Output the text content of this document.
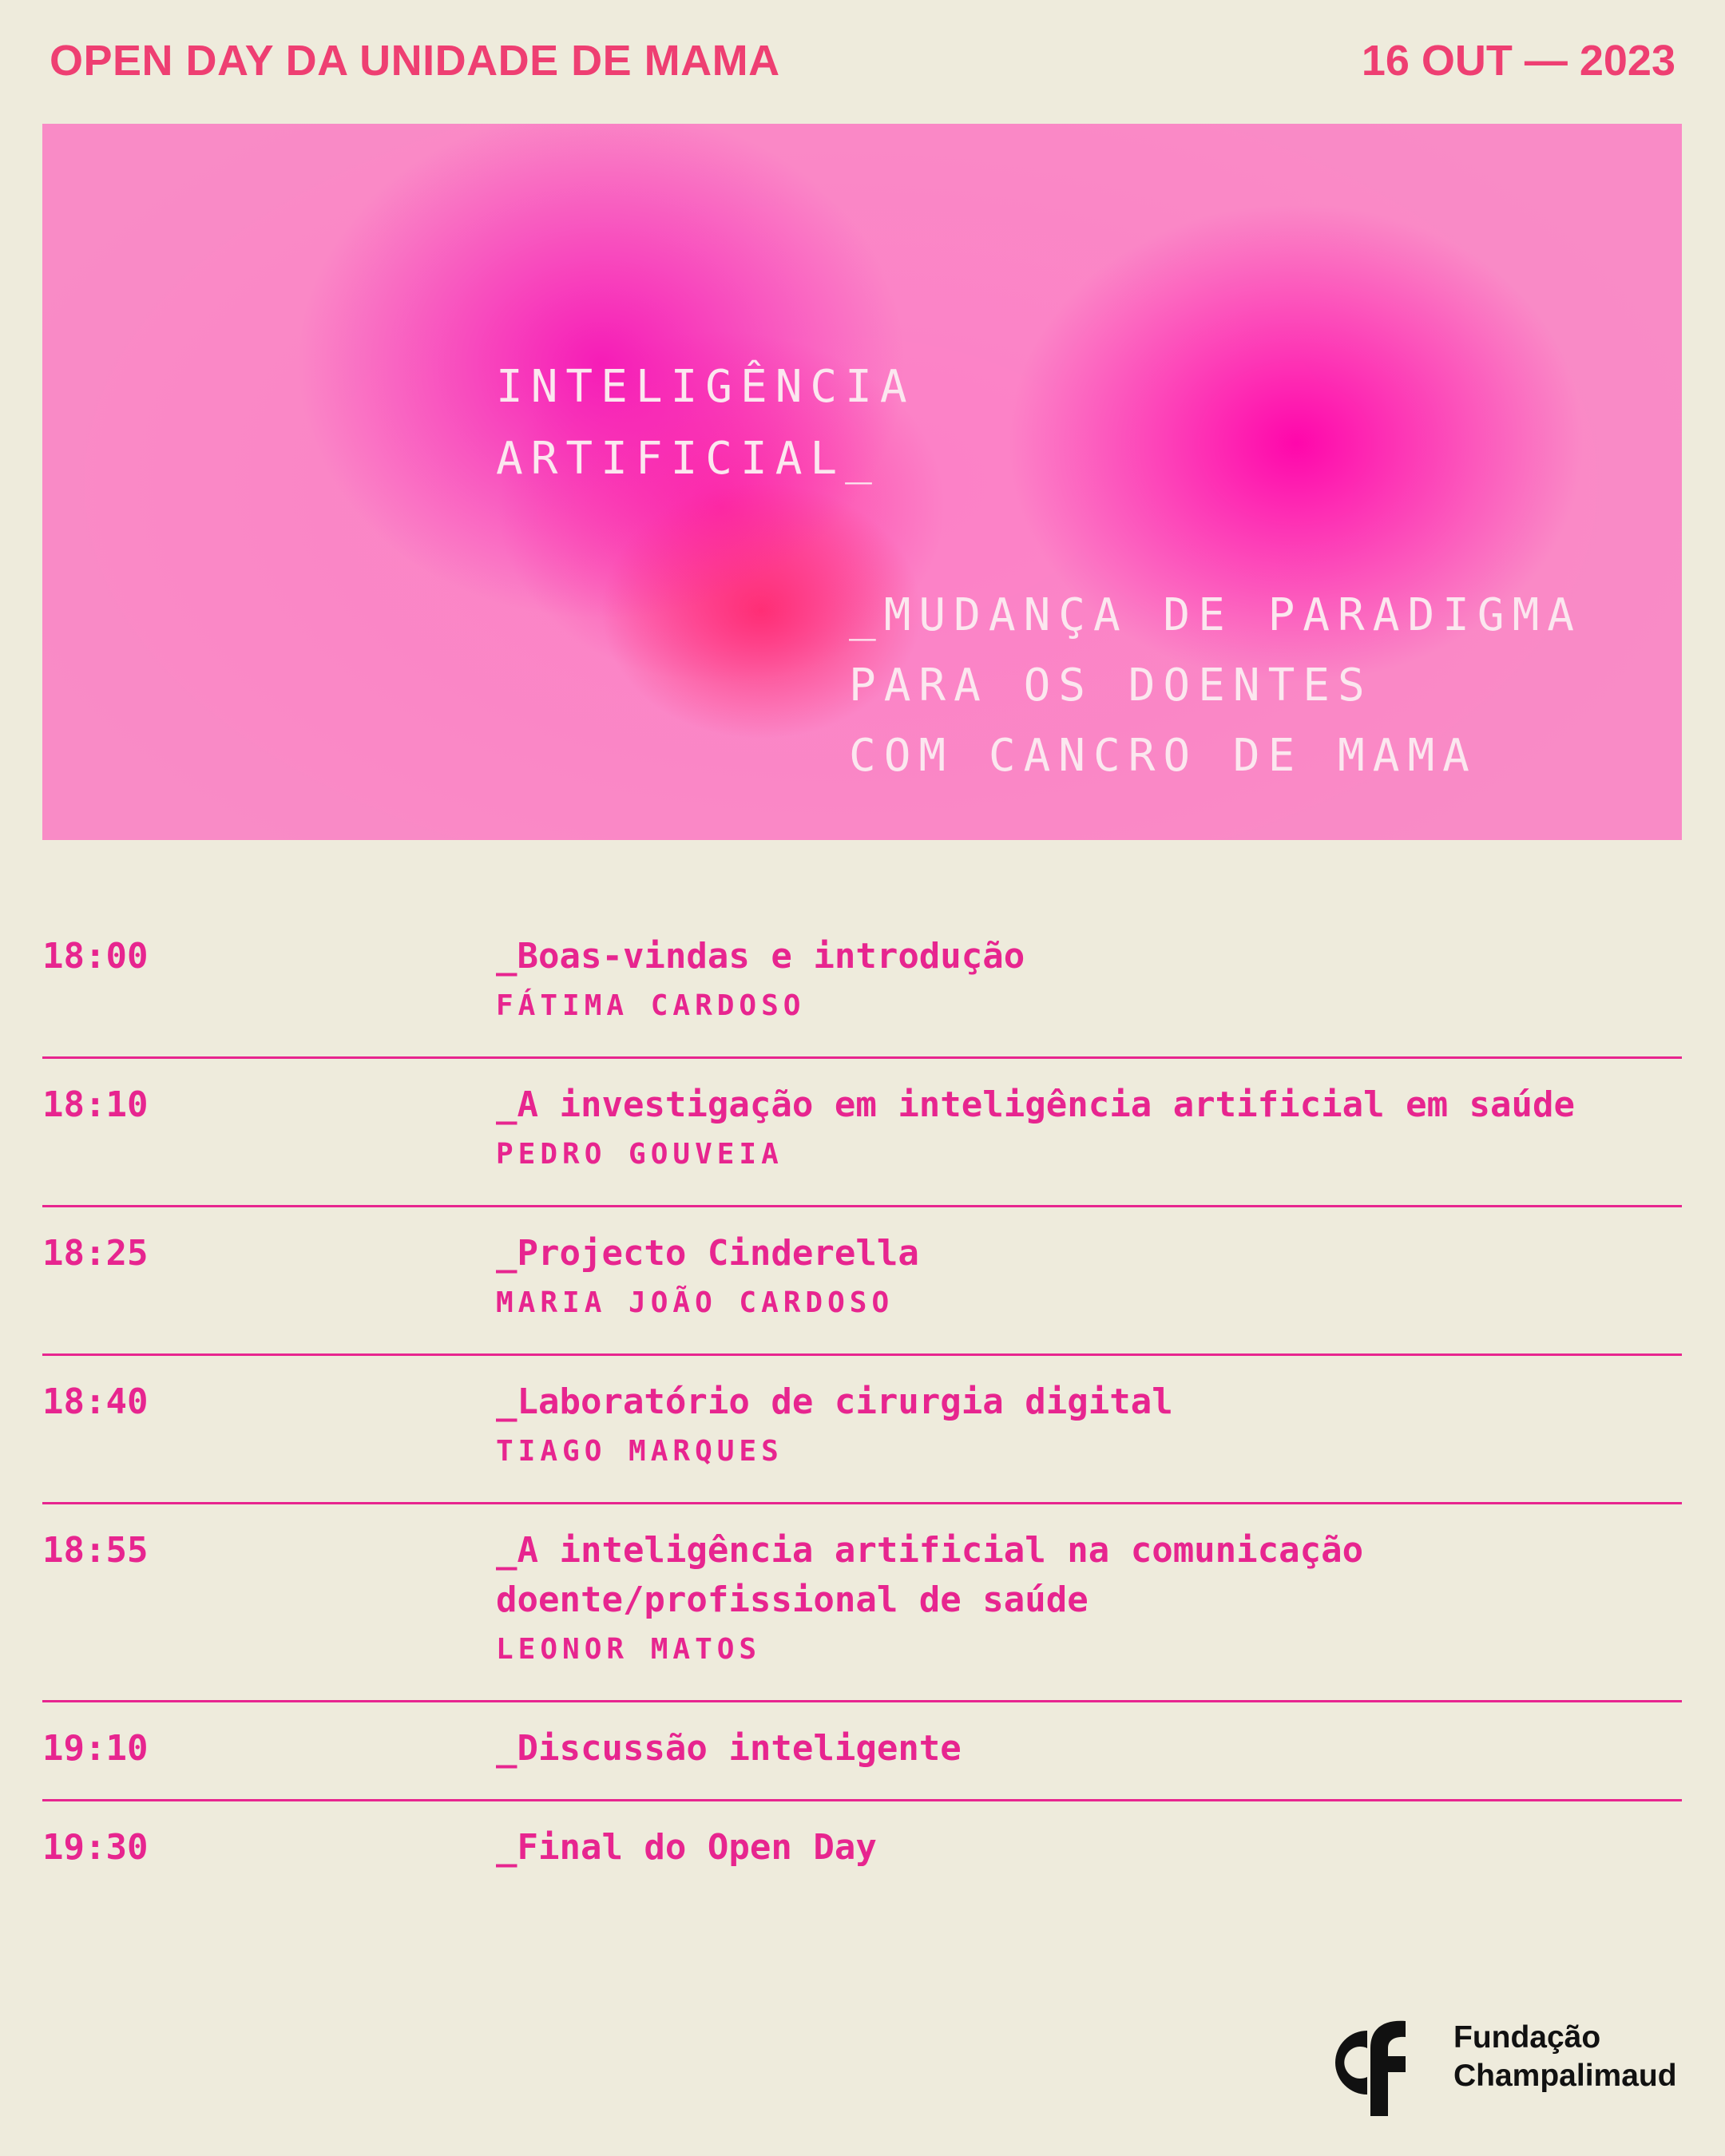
OPEN DAY DA UNIDADE DE MAMA	16 OUT — 2023
INTELIGÊNCIA
ARTIFICIAL_
_MUDANÇA DE PARADIGMA
PARA OS DOENTES
COM CANCRO DE MAMA
18:00	_Boas-vindas e introdução
FÁTIMA CARDOSO
18:10	_A investigação em inteligência artificial em saúde
PEDRO GOUVEIA
18:25	_Projecto Cinderella
MARIA JOÃO CARDOSO
18:40	_Laboratório de cirurgia digital
TIAGO MARQUES
18:55	_A inteligência artificial na comunicação
doente/profissional de saúde
LEONOR MATOS
19:10	_Discussão inteligente
19:30	_Final do Open Day
Fundação
Champalimaud
